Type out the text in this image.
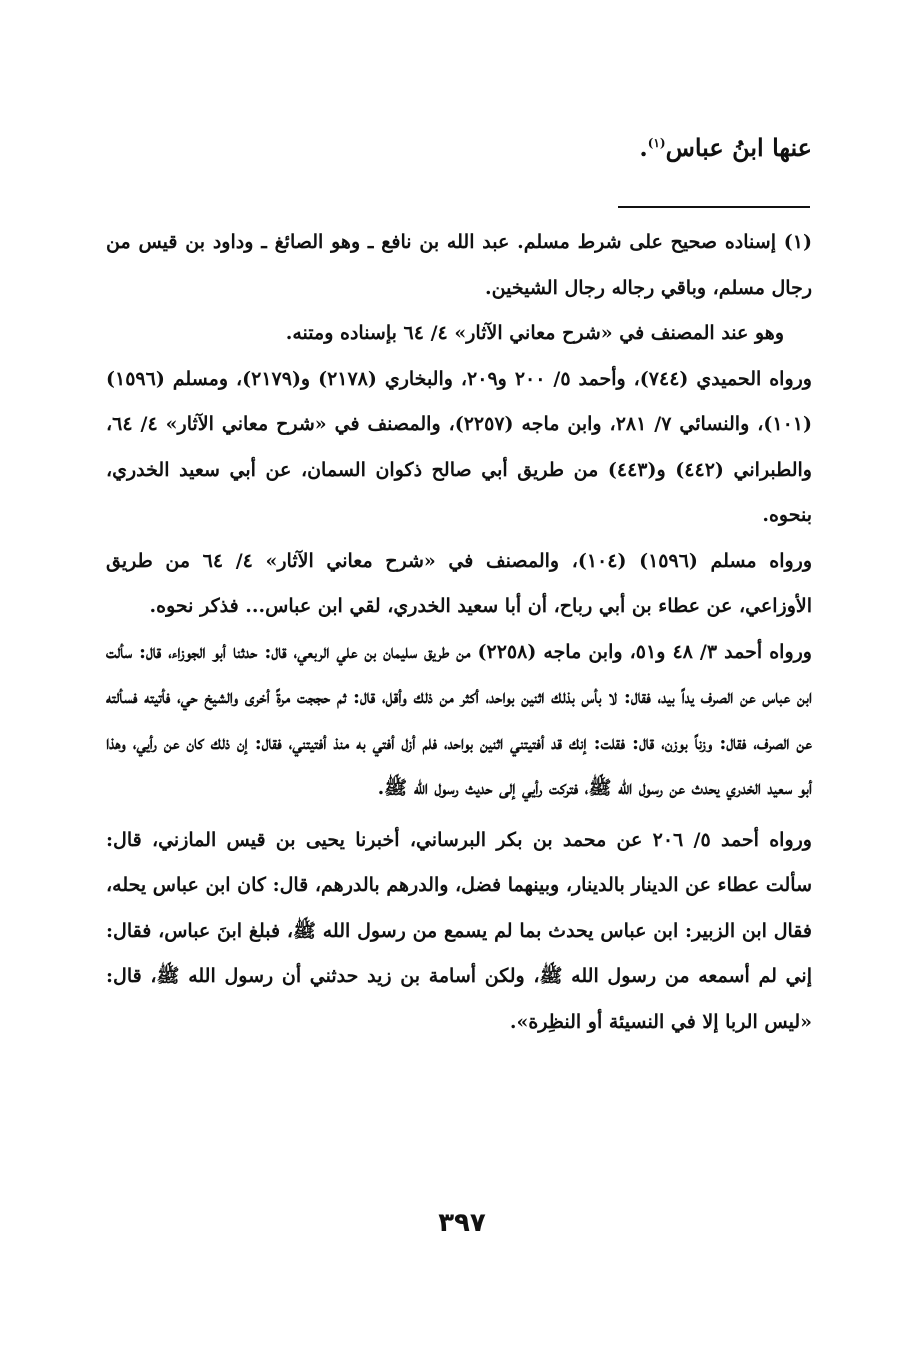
عنها ابنُ عباس$^{(١)}$.

(١) إسناده صحيح على شرط مسلم. عبد الله بن نافع ـ وهو الصائغ ـ وداود بن قيس من رجال مسلم، وباقي رجاله رجال الشيخين.

وهو عند المصنف في «شرح معاني الآثار» ٤/ ٦٤ بإسناده ومتنه.

ورواه الحميدي (٧٤٤)، وأحمد ٥/ ٢٠٠ و٢٠٩، والبخاري (٢١٧٨) و(٢١٧٩)، ومسلم (١٥٩٦) (١٠١)، والنسائي ٧/ ٢٨١، وابن ماجه (٢٢٥٧)، والمصنف في «شرح معاني الآثار» ٤/ ٦٤، والطبراني (٤٤٢) و(٤٤٣) من طريق أبي صالح ذكوان السمان، عن أبي سعيد الخدري، بنحوه.

ورواه مسلم (١٥٩٦) (١٠٤)، والمصنف في «شرح معاني الآثار» ٤/ ٦٤ من طريق الأوزاعي، عن عطاء بن أبي رباح، أن أبا سعيد الخدري، لقي ابن عباس... فذكر نحوه.

ورواه أحمد ٣/ ٤٨ و٥١، وابن ماجه (٢٢٥٨) من طريق سليمان بن علي الربعي، قال: حدثنا أبو الجوزاء، قال: سألت ابن عباس عن الصرف يداً بيد، فقال: لا بأس بذلك اثنين بواحد، أكثر من ذلك وأقل، قال: ثم حججت مرةً أخرى والشيخ حي، فأتيته فسألته عن الصرف، فقال: وزناً بوزن، قال: فقلت: إنك قد أفتيتني اثنين بواحد، فلم أزل أفتي به منذ أفتيتني، فقال: إن ذلك كان عن رأيي، وهذا أبو سعيد الخدري يحدث عن رسول الله ﷺ، فتركت رأيي إلى حديث رسول الله ﷺ.

ورواه أحمد ٥/ ٢٠٦ عن محمد بن بكر البرساني، أخبرنا يحيى بن قيس المازني، قال: سألت عطاء عن الدينار بالدينار، وبينهما فضل، والدرهم بالدرهم، قال: كان ابن عباس يحله، فقال ابن الزبير: ابن عباس يحدث بما لم يسمع من رسول الله ﷺ، فبلغ ابنَ عباس، فقال: إني لم أسمعه من رسول الله ﷺ، ولكن أسامة بن زيد حدثني أن رسول الله ﷺ، قال: «ليس الربا إلا في النسيئة أو النظِرة».

٣٩٧
